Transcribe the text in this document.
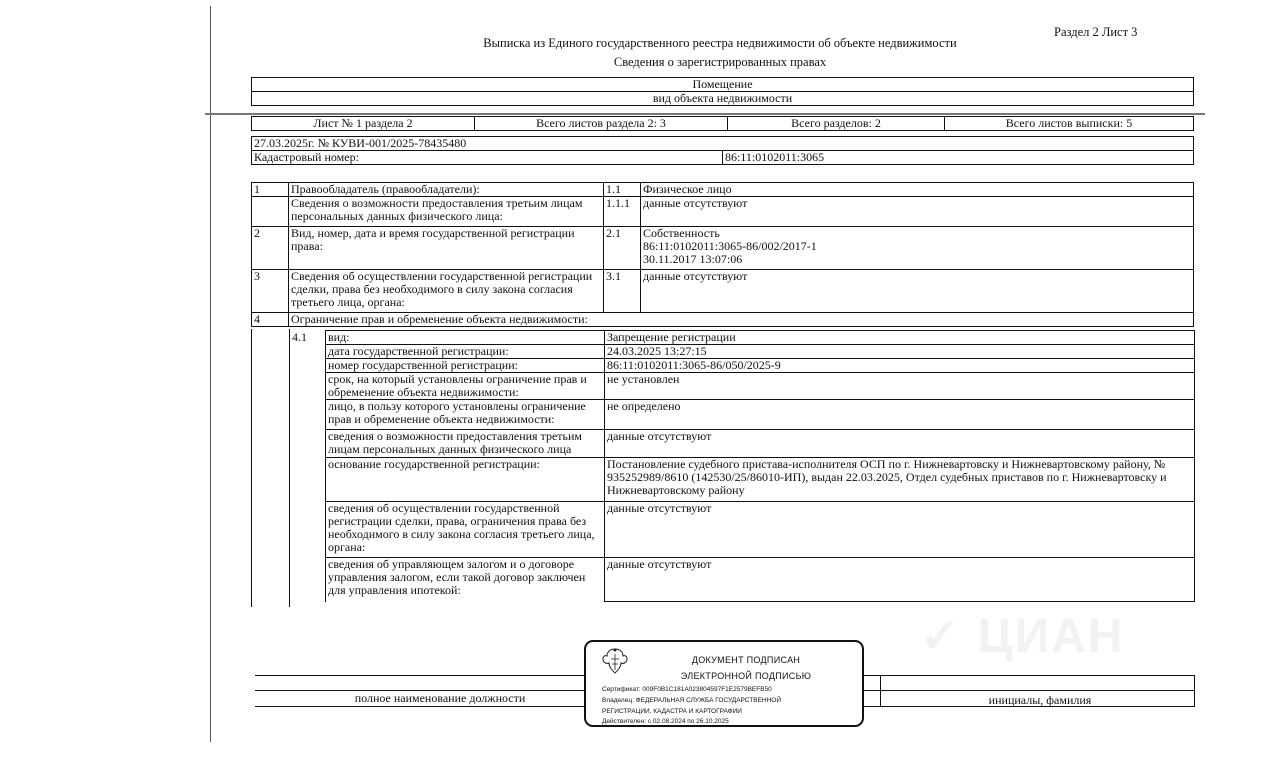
Раздел 2 Лист 3
Выписка из Единого государственного реестра недвижимости об объекте недвижимости
Сведения о зарегистрированных правах
Помещение
вид объекта недвижимости
Лист № 1 раздела 2	Всего листов раздела 2: 3	Всего разделов: 2	Всего листов выписки: 5
27.03.2025г. № КУВИ-001/2025-78435480
Кадастровый номер:	86:11:0102011:3065
1	Правообладатель (правообладатели):	1.1	Физическое лицо
	Сведения о возможности предоставления третьим лицам персональных данных физического лица:	1.1.1	данные отсутствуют
2	Вид, номер, дата и время государственной регистрации права:	2.1	Собственность
86:11:0102011:3065-86/002/2017-1
30.11.2017 13:07:06

3	Сведения об осуществлении государственной регистрации сделки, права без необходимого в силу закона согласия третьего лица, органа:	3.1	данные отсутствуют
4	Ограничение прав и обременение объекта недвижимости:		
4.1 вид:	Запрещение регистрации
дата государственной регистрации:	24.03.2025 13:27:15
номер государственной регистрации:	86:11:0102011:3065-86/050/2025-9
срок, на который установлены ограничение прав и обременение объекта недвижимости:	не установлен
лицо, в пользу которого установлены ограничение прав и обременение объекта недвижимости:	не определено
сведения о возможности предоставления третьим лицам персональных данных физического лица	данные отсутствуют
основание государственной регистрации:	Постановление судебного пристава-исполнителя ОСП по г. Нижневартовску и Нижневартовскому району, № 935252989/8610 (142530/25/86010-ИП), выдан 22.03.2025, Отдел судебных приставов по г. Нижневартовску и Нижневартовскому району
сведения об осуществлении государственной регистрации сделки, права, ограничения права без необходимого в силу закона согласия третьего лица, органа:	данные отсутствуют
сведения об управляющем залогом и о договоре управления залогом, если такой договор заключен для управления ипотекой:	данные отсутствуют
✓ ЦИАН
полное наименование должности	инициалы, фамилия
ДОКУМЕНТ ПОДПИСАН
ЭЛЕКТРОННОЙ ПОДПИСЬЮ
Сертификат: 009F0B1C181A023804597F1E2579BEFB50
Владелец: ФЕДЕРАЛЬНАЯ СЛУЖБА ГОСУДАРСТВЕННОЙ
РЕГИСТРАЦИИ, КАДАСТРА И КАРТОГРАФИИ
Действителен: с 02.08.2024 по 26.10.2025
